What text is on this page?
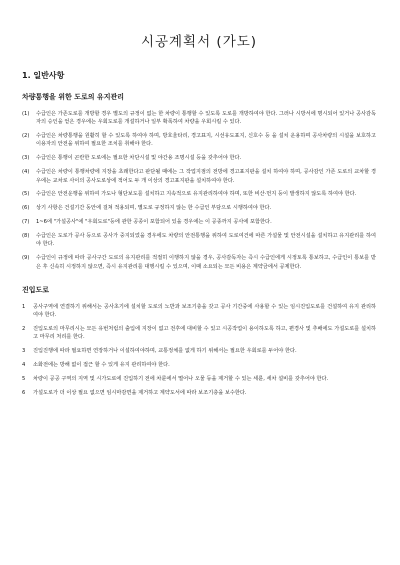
시공계획서 (가도)
1. 일반사항
차량통행을 위한 도로의 유지관리
(1)	수급인은 가존도로를 개방할 경우 별도의 규정이 없는 한 차량이 통행할 수 있도록 도로를 개방하여야 한다. 그러나 시방서에 명시되어 있거나 공사감독자의 승인을 얻은 경우에는 우회도로를 개설하거나 일부 확폭하여 차량을 우회시킬 수 있다.
(2)	수급인은 차량통행을 원활히 할 수 있도록 하여야 하며, 방호울타리, 경고표지, 시선유도표지, 신호수 등 을 설치 운용하며 공사차량의 시설을 보호하고 이용자의 안전을 위하여 필요한 조치를 취해야 한다.
(3)	수급인은 통행이 곤란한 도로에는 필요한 차단시설 및 야간용 조명시설 등을 갖추어야 한다.
(4)	수급인은 차량이 통행차량에 지장을 초래한다고 판단될 때에는 그 작업지점의 전방에 경고표지판을 설치 하여야 하며, 공사감인 가존 도로의 교차할 경우에는 교차로 사이의 공사도로상에 적어도 두 개 이상의 경고표지판을 설치하여야 한다.
(5)	수급인은 안전운행을 위하여 가도나 형단보도를 설치하고 지속적으로 유지관리하여야 하며, 또한 비산·먼지 등이 발생하지 않도록 하여야 한다.
(6)	상기 사항은 건설기간 동안에 걸쳐 적용되며, 별도로 규정하지 않는 한 수급인 부담으로 시행하여야 한다.
(7)	1~6에 "가설공사"에 "우회도로"등에 관한 공종이 포함되어 있을 경우에는 이 공종까지 공사에 포함한다.
(8)	수급인은 도로가 공사 등으로 공사가 중지되었을 경우에도 차량의 안전통행을 위하여 도로여건에 따른 가설물 및 안전시설을 설치하고 유지관리를 하여야 한다.
(9)	수급인이 규정에 따라 공사구간 도로의 유지관리를 적절히 이행하지 않을 경우, 공사감독자는 즉시 수급인에게 시정토록 통보하고, 수급인이 통보를 받은 후 신속히 시정하지 않으면, 즉시 유지관리를 대행시킬 수 있으며, 이때 소요되는 모든 비용은 계약금에서 공제한다.
진입도로
1	공사구역에 연결하기 위해서는 공사초기에 설치할 도로의 노반과 보조기층을 갖고 공사 기간중에 사용할 수 있는 임시진입도로를 건설하여 유지 관리하여야 한다.
2	진입도로의 마무리시는 모든 유번처럼의 출입에 지장이 없고 전후에 대비할 수 있고 시공작업이 용이하도록 하고, 편경사 및 추배에도 가설도로를 설치하고 마무리 처리를 한다.
3	진입진행에 따라 필요하면 연장하거나 이설하여야하며, 교통정체를 없게 하기 위해서는 필요한 우회로를 두어야 한다.
4	소화전에는 방해 없이 접근 할 수 있게 유지 관리하여야 한다.
5	차량이 공공 구역의 지역 및 시가도로에 진입하기 전에 차륜에서 떨어나 오물 등을 제거할 수 있는 세륜, 세차 설비를 갖추어야 한다.
6	가설도로가 더 이상 필요 없으면 임시마감면을 제거하고 계약도서에 따라 보조기층을 보수한다.
